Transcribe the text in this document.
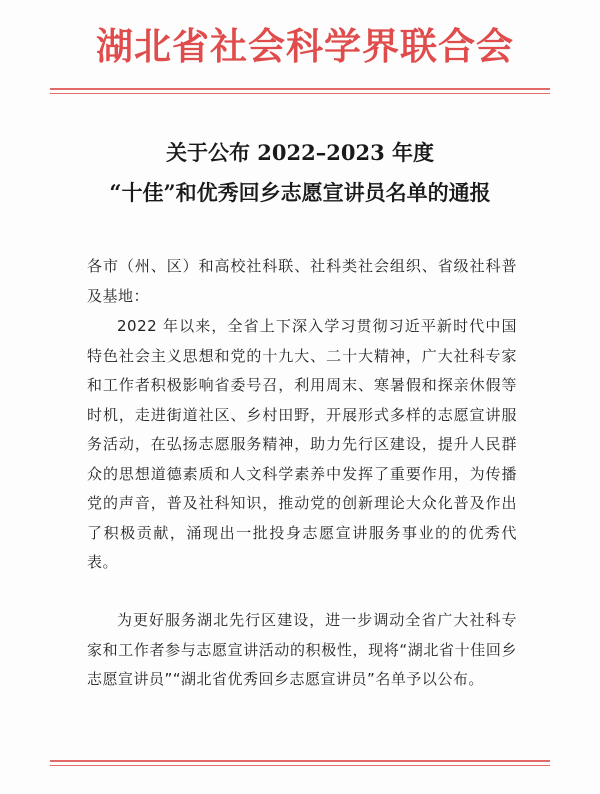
湖北省社会科学界联合会
关于公布 2022–2023 年度
“十佳”和优秀回乡志愿宣讲员名单的通报
各市（州、区）和高校社科联、社科类社会组织、省级社科普及基地：
2022 年以来，全省上下深入学习贯彻习近平新时代中国特色社会主义思想和党的十九大、二十大精神，广大社科专家和工作者积极影响省委号召，利用周末、寒暑假和探亲休假等时机，走进街道社区、乡村田野，开展形式多样的志愿宣讲服务活动，在弘扬志愿服务精神，助力先行区建设，提升人民群众的思想道德素质和人文科学素养中发挥了重要作用，为传播党的声音，普及社科知识，推动党的创新理论大众化普及作出了积极贡献，涌现出一批投身志愿宣讲服务事业的的优秀代表。
为更好服务湖北先行区建设，进一步调动全省广大社科专家和工作者参与志愿宣讲活动的积极性，现将“湖北省十佳回乡志愿宣讲员”“湖北省优秀回乡志愿宣讲员”名单予以公布。
